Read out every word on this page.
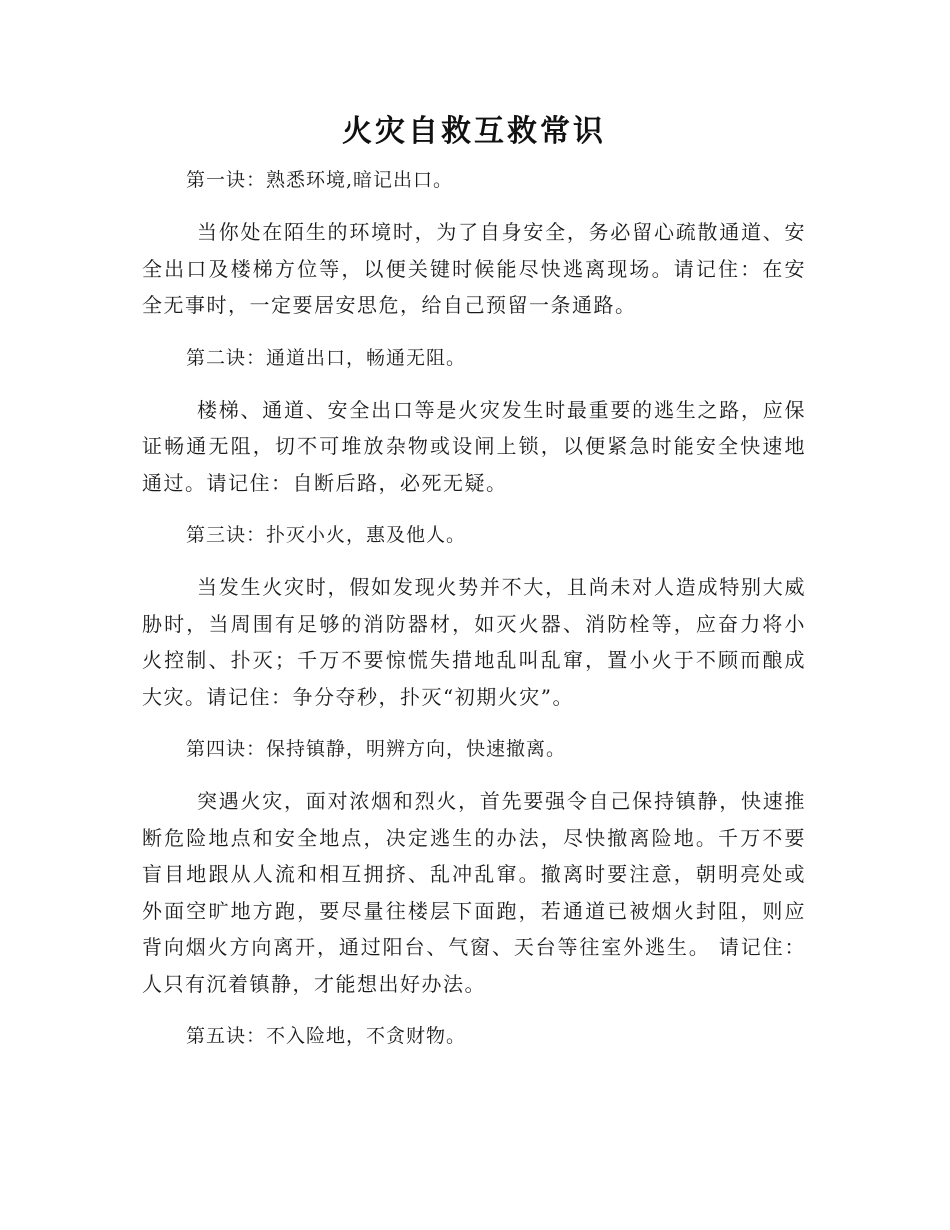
火灾自救互救常识
第一诀：熟悉环境,暗记出口。

当你处在陌生的环境时，为了自身安全，务必留心疏散通道、安全出口及楼梯方位等，以便关键时候能尽快逃离现场。请记住：在安全无事时，一定要居安思危，给自己预留一条通路。

第二诀：通道出口，畅通无阻。

楼梯、通道、安全出口等是火灾发生时最重要的逃生之路，应保证畅通无阻，切不可堆放杂物或设闸上锁，以便紧急时能安全快速地通过。请记住：自断后路，必死无疑。

第三诀：扑灭小火，惠及他人。

当发生火灾时，假如发现火势并不大，且尚未对人造成特别大威胁时，当周围有足够的消防器材，如灭火器、消防栓等，应奋力将小火控制、扑灭；千万不要惊慌失措地乱叫乱窜，置小火于不顾而酿成大灾。请记住：争分夺秒，扑灭“初期火灾”。

第四诀：保持镇静，明辨方向，快速撤离。

突遇火灾，面对浓烟和烈火，首先要强令自己保持镇静，快速推断危险地点和安全地点，决定逃生的办法，尽快撤离险地。千万不要盲目地跟从人流和相互拥挤、乱冲乱窜。撤离时要注意，朝明亮处或外面空旷地方跑，要尽量往楼层下面跑，若通道已被烟火封阻，则应背向烟火方向离开，通过阳台、气窗、天台等往室外逃生。 请记住：人只有沉着镇静，才能想出好办法。

第五诀：不入险地，不贪财物。
